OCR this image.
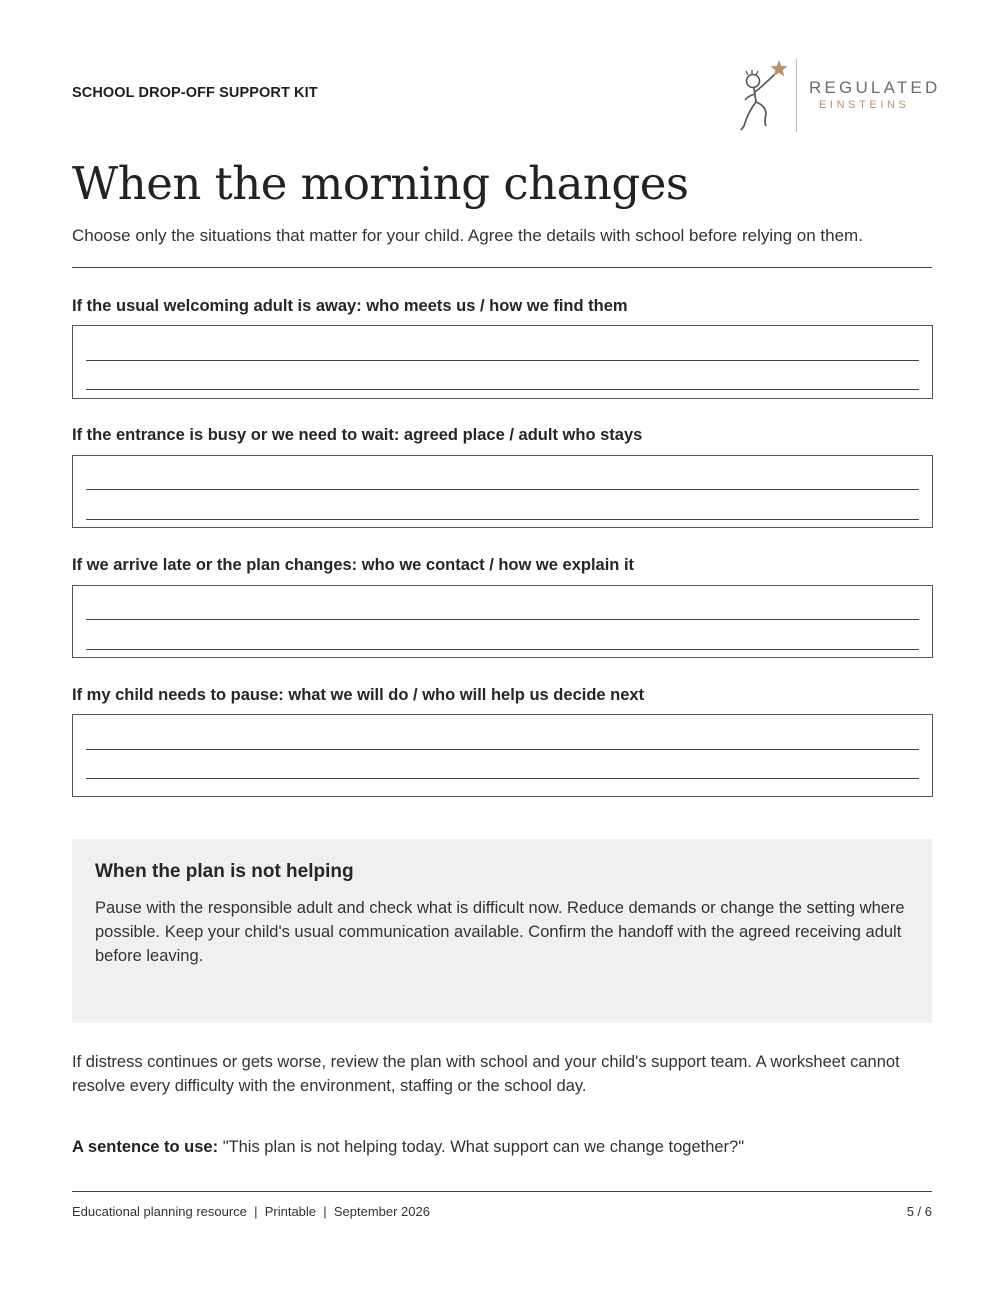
SCHOOL DROP-OFF SUPPORT KIT	REGULATED
EINSTEINS
When the morning changes
Choose only the situations that matter for your child. Agree the details with school before relying on them.
If the usual welcoming adult is away: who meets us / how we find them
If the entrance is busy or we need to wait: agreed place / adult who stays
If we arrive late or the plan changes: who we contact / how we explain it
If my child needs to pause: what we will do / who will help us decide next
When the plan is not helping
Pause with the responsible adult and check what is difficult now. Reduce demands or change the setting where possible. Keep your child's usual communication available. Confirm the handoff with the agreed receiving adult before leaving.
If distress continues or gets worse, review the plan with school and your child's support team. A worksheet cannot resolve every difficulty with the environment, staffing or the school day.
A sentence to use: "This plan is not helping today. What support can we change together?"
Educational planning resource  |  Printable  |  September 2026	5 / 6
